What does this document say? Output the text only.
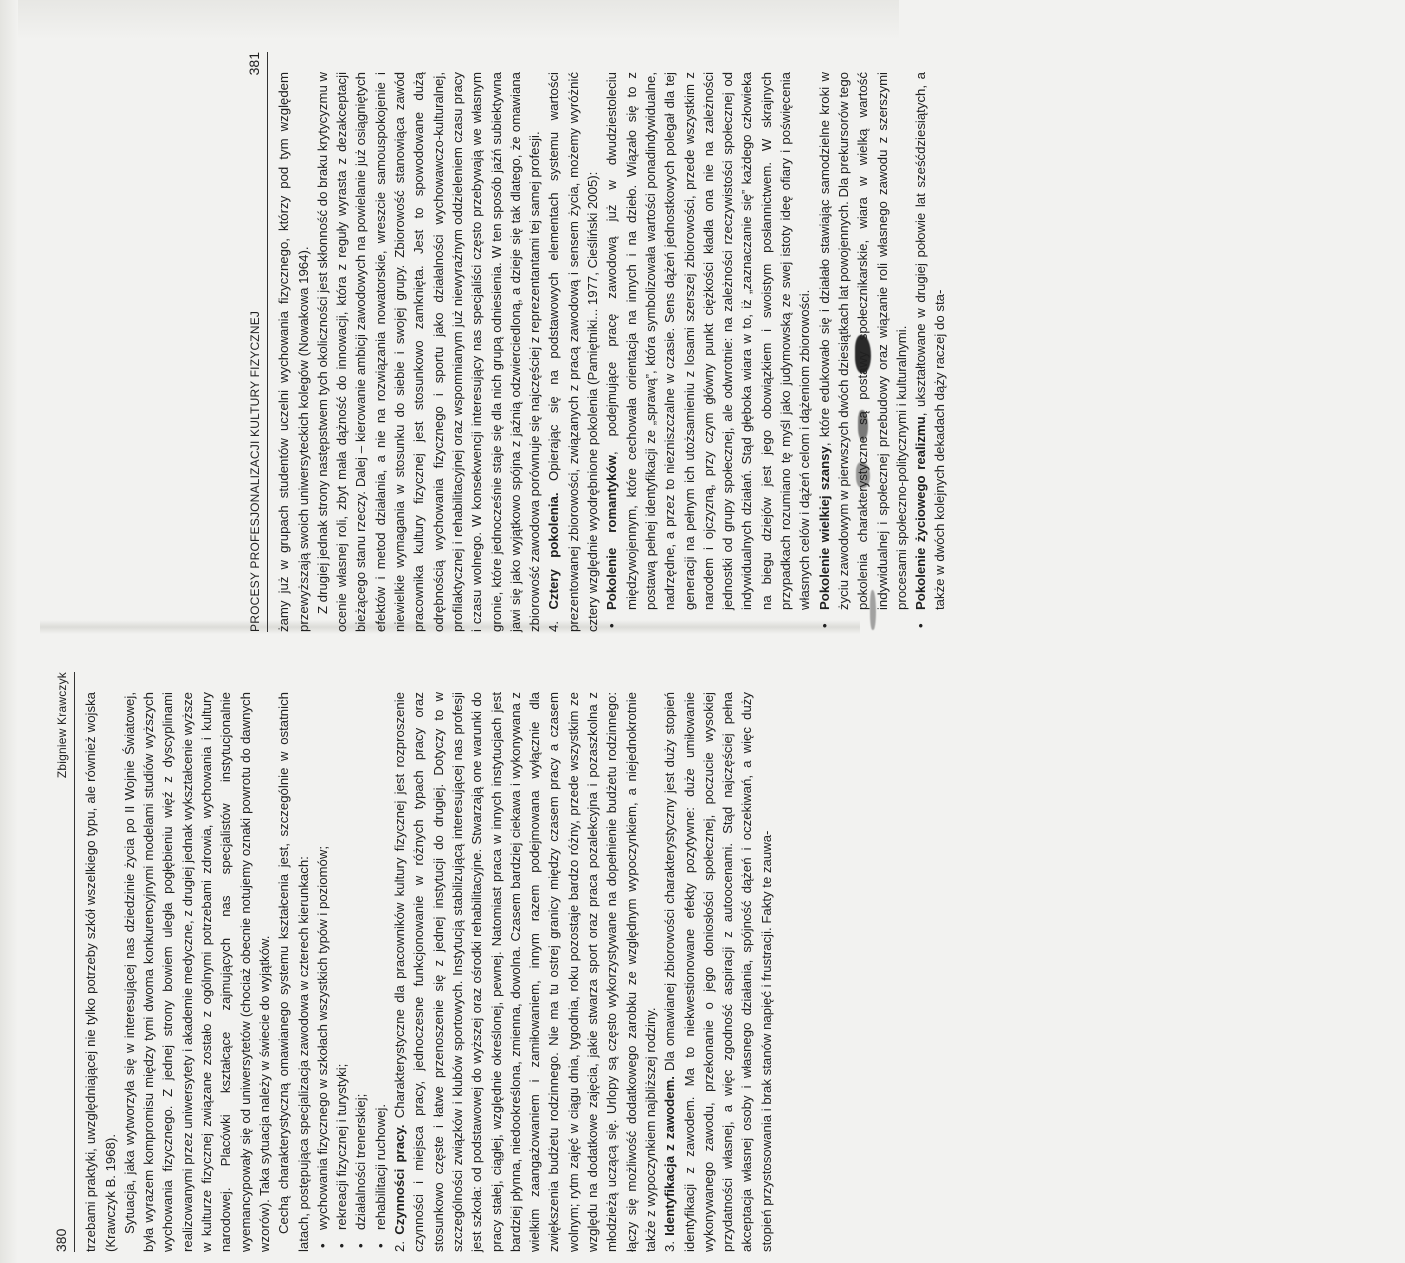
PROCESY PROFESJONALIZACJI KULTURY FIZYCZNEJ
381

żamy już w grupach studentów uczelni wychowania fizycznego, którzy pod tym względem przewyższają swoich uniwersyteckich kolegów (Nowakowa 1964). Z drugiej jednak strony następstwem tych okoliczności jest skłonność do braku krytycyzmu w ocenie własnej roli, zbyt mała dążność do innowacji, która z reguły wyrasta z dezakceptacji bieżącego stanu rzeczy. Dalej – kierowanie ambicji zawodowych na powielanie już osiągniętych efektów i metod działania, a nie na rozwiązania nowatorskie, wreszcie samouspokojenie i niewielkie wymagania w stosunku do siebie i swojej grupy. Zbiorowość stanowiąca zawód pracownika kultury fizycznej jest stosunkowo zamknięta. Jest to spowodowane dużą odrębnością wychowania fizycznego i sportu jako działalności wychowawczo-kulturalnej, profilaktycznej i rehabilitacyjnej oraz wspomnianym już niewyraźnym oddzieleniem czasu pracy i czasu wolnego. W konsekwencji interesujący nas specjaliści często przebywają we własnym gronie, które jednocześnie staje się dla nich grupą odniesienia. W ten sposób jaźń subiektywna jawi się jako wyjątkowo spójna z jaźnią odzwierciedloną, a dzieje się tak dlatego, że omawiana zbiorowość zawodowa porównuje się najczęściej z reprezentantami tej samej profesji. 4. Cztery pokolenia. Opierając się na podstawowych elementach systemu wartości prezentowanej zbiorowości, związanych z pracą zawodową i sensem życia, możemy wyróżnić cztery względnie wyodrębnione pokolenia (Pamiętniki... 1977, Cieśliński 2005): • Pokolenie romantyków, podejmujące pracę zawodową już w dwudziestoleciu międzywojennym, które cechowała orientacja na innych i na dzieło. Wiązało się to z postawą pełnej identyfikacji ze „sprawą”, która symbolizowała wartości ponadindywidualne, nadrzędne, a przez to niezniszczalne w czasie. Sens dążeń jednostkowych polegał dla tej generacji na pełnym ich utożsamieniu z losami szerszej zbiorowości, przede wszystkim z narodem i ojczyzną, przy czym główny punkt ciężkości kładła ona nie na zależności jednostki od grupy społecznej, ale odwrotnie: na zależności rzeczywistości społecznej od indywidualnych działań. Stąd głęboka wiara w to, iż „zaznaczanie się” każdego człowieka na biegu dziejów jest jego obowiązkiem i swoistym posłannictwem. W skrajnych przypadkach rozumiano tę myśl jako judymowską ze swej istoty ideę ofiary i poświęcenia własnych celów i dążeń celom i dążeniom zbiorowości. • Pokolenie wielkiej szansy, które edukowało się i działało stawiając samodzielne kroki w życiu zawodowym w pierwszych dwóch dziesiątkach lat powojennych. Dla prekursorów tego pokolenia charakterystyczne są postawy społecznikarskie, wiara w wielką wartość indywidualnej i społecznej przebudowy oraz wiązanie roli własnego zawodu z szerszymi procesami społeczno-politycznymi i kulturalnymi. • Pokolenie życiowego realizmu, ukształtowane w drugiej połowie lat sześćdziesiątych, a także w dwóch kolejnych dekadach dąży raczej do sta-
380
Zbigniew Krawczyk trzebami praktyki, uwzględniającej nie tylko potrzeby szkół wszelkiego typu, ale również wojska (Krawczyk B. 1968). Sytuacja, jaka wytworzyła się w interesującej nas dziedzinie życia po II Wojnie Światowej, była wyrazem kompromisu między tymi dwoma konkurencyjnymi modelami studiów wyższych wychowania fizycznego. Z jednej strony bowiem uległa pogłębieniu więź z dyscyplinami realizowanymi przez uniwersytety i akademie medyczne, z drugiej jednak wykształcenie wyższe w kulturze fizycznej związane zostało z ogólnymi potrzebami zdrowia, wychowania i kultury narodowej. Placówki kształcące zajmujących nas specjalistów instytucjonalnie wyemancypowały się od uniwersytetów (chociaż obecnie notujemy oznaki powrotu do dawnych wzorów). Taka sytuacja należy w świecie do wyjątków. Cechą charakterystyczną omawianego systemu kształcenia jest, szczególnie w ostatnich latach, postępująca specjalizacja zawodowa w czterech kierunkach: • wychowania fizycznego w szkołach wszystkich typów i poziomów; • rekreacji fizycznej i turystyki; • działalności trenerskiej; • rehabilitacji ruchowej.

2. Czynności pracy. Charakterystyczne dla pracowników kultury fizycznej jest rozproszenie czynności i miejsca pracy, jednoczesne funkcjonowanie w różnych typach pracy oraz stosunkowo częste i łatwe przenoszenie się z jednej instytucji do drugiej. Dotyczy to w szczególności związków i klubów sportowych. Instytucją stabilizującą interesującej nas profesji jest szkoła: od podstawowej do wyższej oraz ośrodki rehabilitacyjne. Stwarzają one warunki do pracy stałej, ciągłej, względnie określonej, pewnej. Natomiast praca w innych instytucjach jest bardziej płynna, niedookreślona, zmienna, dowolna. Czasem bardziej ciekawa i wykonywana z wielkim zaangażowaniem i zamiłowaniem, innym razem podejmowana wyłącznie dla zwiększenia budżetu rodzinnego. Nie ma tu ostrej granicy między czasem pracy a czasem wolnym; rytm zajęć w ciągu dnia, tygodnia, roku pozostaje bardzo różny, przede wszystkim ze względu na dodatkowe zajęcia, jakie stwarza sport oraz praca pozalekcyjna i pozaszkolna z młodzieżą uczącą się. Urlopy są często wykorzystywane na dopełnienie budżetu rodzinnego: łączy się możliwość dodatkowego zarobku ze względnym wypoczynkiem, a niejednokrotnie także z wypoczynkiem najbliższej rodziny. 3. Identyfikacja z zawodem. Dla omawianej zbiorowości charakterystyczny jest duży stopień identyfikacji z zawodem. Ma to niekwestionowane efekty pozytywne: duże umiłowanie wykonywanego zawodu, przekonanie o jego doniosłości społecznej, poczucie wysokiej przydatności własnej, a więc zgodność aspiracji z autoocenami. Stąd najczęściej pełna akceptacja własnej osoby i własnego działania, spójność dążeń i oczekiwań, a więc duży stopień przystosowania i brak stanów napięć i frustracji. Fakty te zauwa-
